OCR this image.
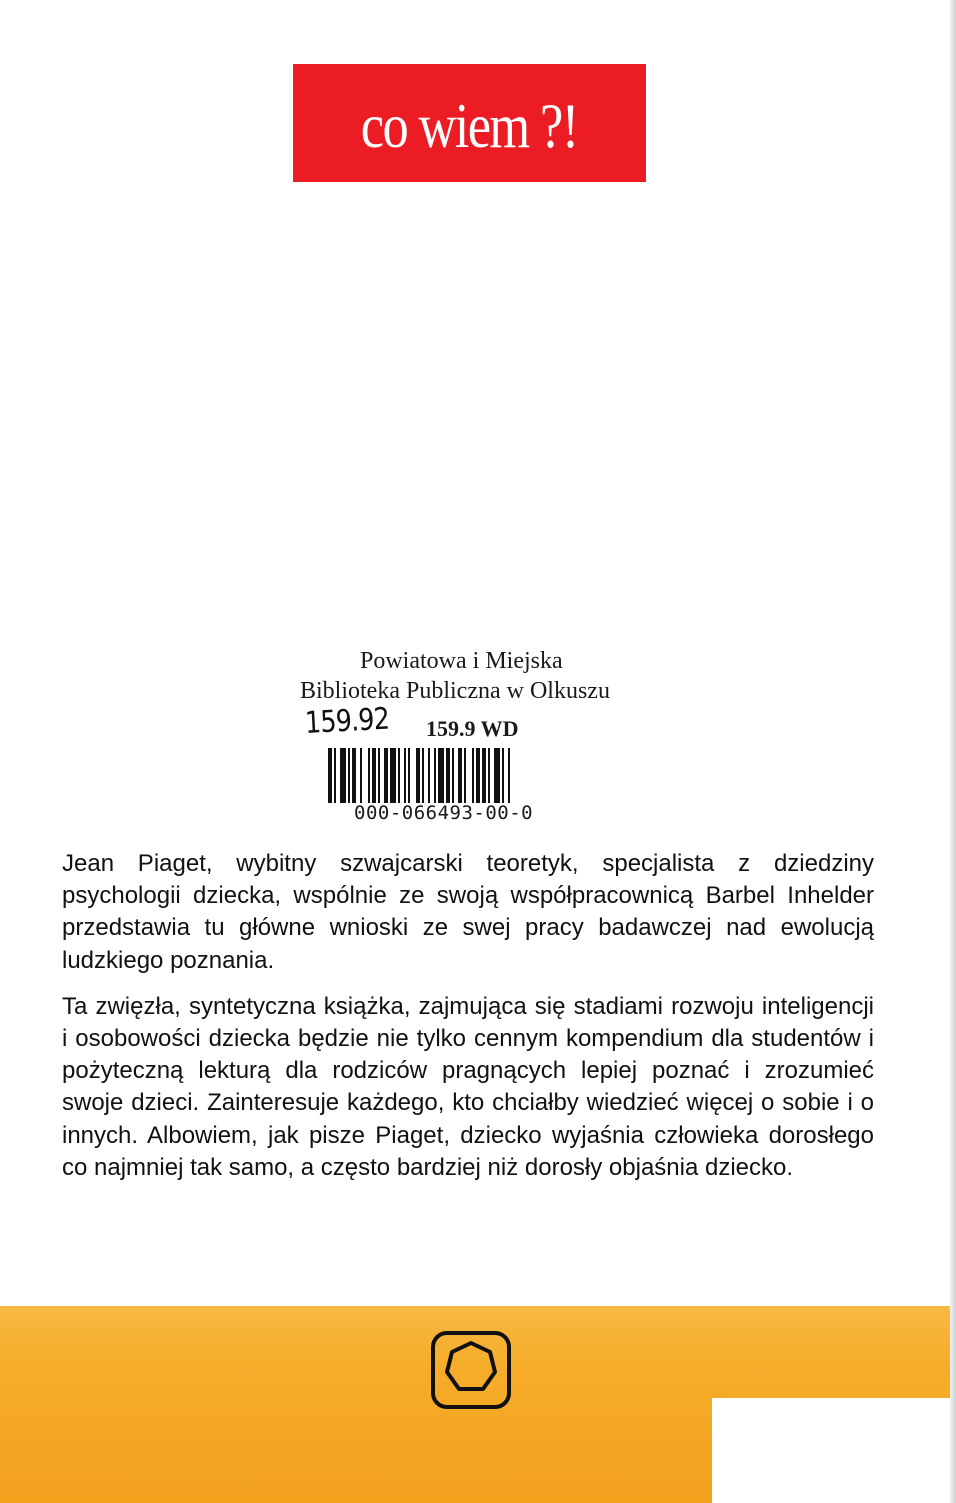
co wiem ?!
Powiatowa i Miejska
Biblioteka Publiczna w Olkuszu
159.92 159.9 WD
000-066493-00-0

Jean Piaget, wybitny szwajcarski teoretyk, specjalista z dziedziny psychologii dziecka, wspólnie ze swoją współpracownicą Barbel Inhelder przedstawia tu główne wnioski ze swej pracy badawczej nad ewolucją ludzkiego poznania.

Ta zwięzła, syntetyczna książka, zajmująca się stadiami rozwoju inteligencji i osobowości dziecka będzie nie tylko cennym kompendium dla studentów i pożyteczną lekturą dla rodziców pragnących lepiej poznać i zrozumieć swoje dzieci. Zainteresuje każdego, kto chciałby wiedzieć więcej o sobie i o innych. Albowiem, jak pisze Piaget, dziecko wyjaśnia człowieka dorosłego co najmniej tak samo, a często bardziej niż dorosły objaśnia dziecko.
